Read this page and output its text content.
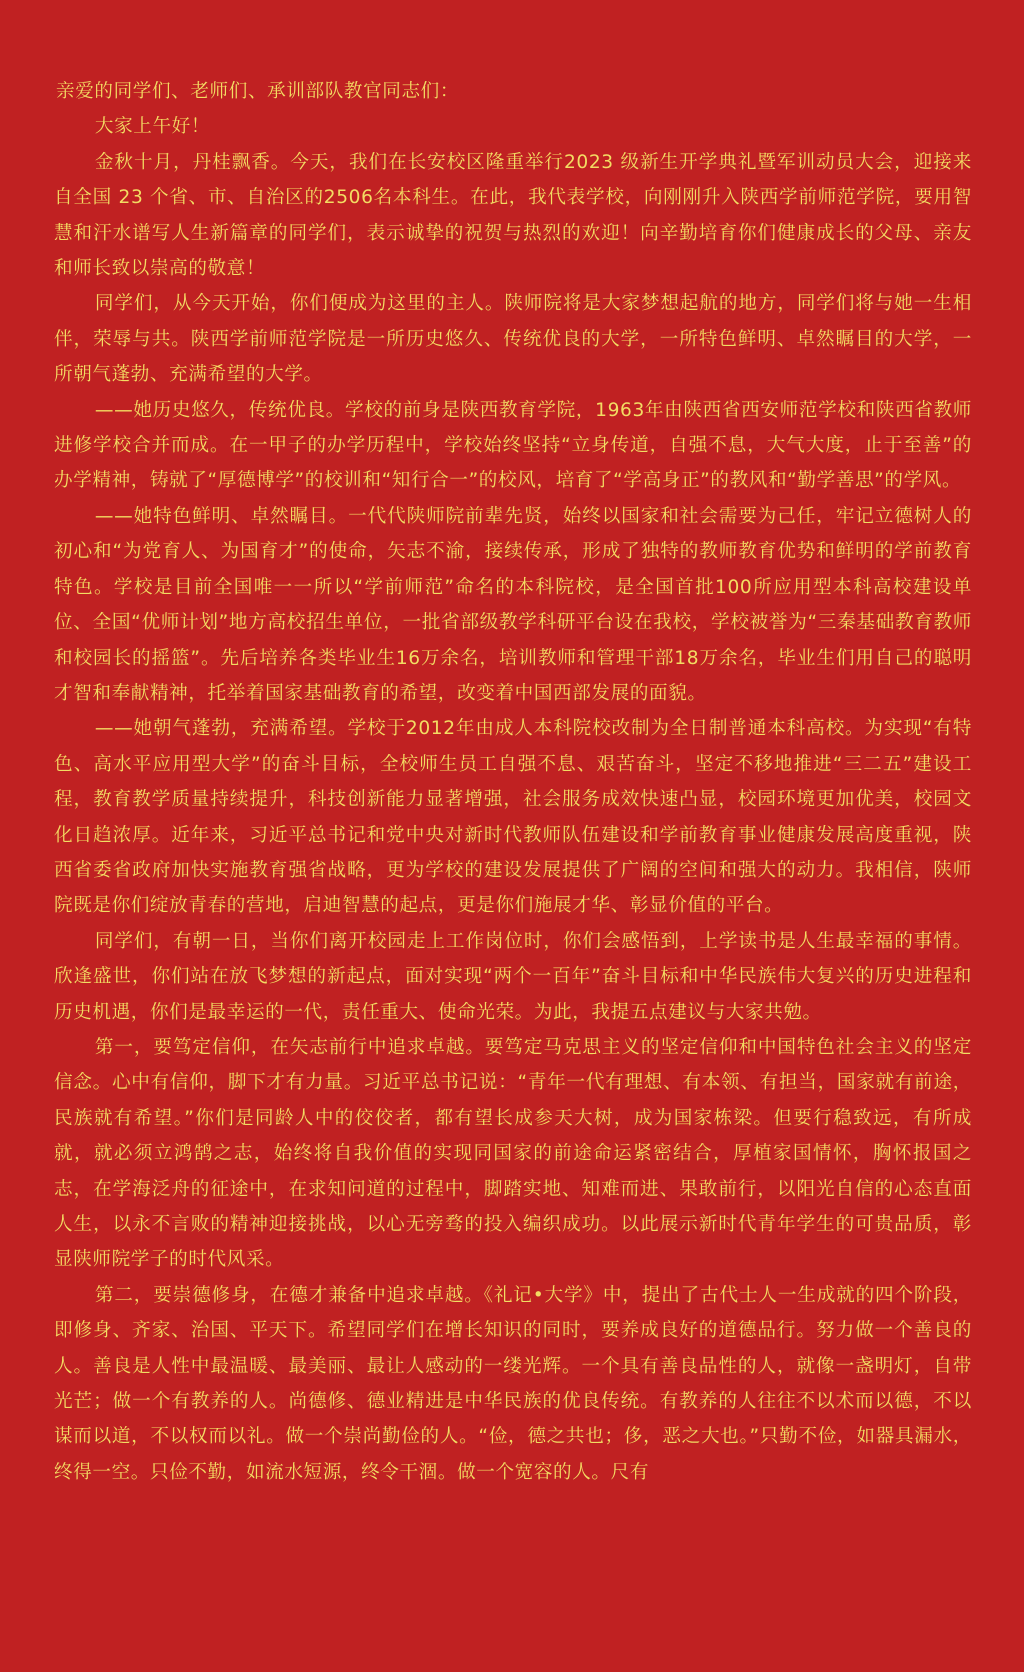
亲爱的同学们、老师们、承训部队教官同志们：

大家上午好！

金秋十月，丹桂飘香。今天，我们在长安校区隆重举行2023 级新生开学典礼暨军训动员大会，迎接来自全国 23 个省、市、自治区的2506名本科生。在此，我代表学校，向刚刚升入陕西学前师范学院，要用智慧和汗水谱写人生新篇章的同学们，表示诚挚的祝贺与热烈的欢迎！向辛勤培育你们健康成长的父母、亲友和师长致以崇高的敬意！

同学们，从今天开始，你们便成为这里的主人。陕师院将是大家梦想起航的地方，同学们将与她一生相伴，荣辱与共。陕西学前师范学院是一所历史悠久、传统优良的大学，一所特色鲜明、卓然瞩目的大学，一所朝气蓬勃、充满希望的大学。

——她历史悠久，传统优良。学校的前身是陕西教育学院，1963年由陕西省西安师范学校和陕西省教师进修学校合并而成。在一甲子的办学历程中，学校始终坚持“立身传道，自强不息，大气大度，止于至善”的办学精神，铸就了“厚德博学”的校训和“知行合一”的校风，培育了“学高身正”的教风和“勤学善思”的学风。

——她特色鲜明、卓然瞩目。一代代陕师院前辈先贤，始终以国家和社会需要为己任，牢记立德树人的初心和“为党育人、为国育才”的使命，矢志不渝，接续传承，形成了独特的教师教育优势和鲜明的学前教育特色。学校是目前全国唯一一所以“学前师范”命名的本科院校，是全国首批100所应用型本科高校建设单位、全国“优师计划”地方高校招生单位，一批省部级教学科研平台设在我校，学校被誉为“三秦基础教育教师和校园长的摇篮”。先后培养各类毕业生16万余名，培训教师和管理干部18万余名，毕业生们用自己的聪明才智和奉献精神，托举着国家基础教育的希望，改变着中国西部发展的面貌。

——她朝气蓬勃，充满希望。学校于2012年由成人本科院校改制为全日制普通本科高校。为实现“有特色、高水平应用型大学”的奋斗目标，全校师生员工自强不息、艰苦奋斗，坚定不移地推进“三二五”建设工程，教育教学质量持续提升，科技创新能力显著增强，社会服务成效快速凸显，校园环境更加优美，校园文化日趋浓厚。近年来，习近平总书记和党中央对新时代教师队伍建设和学前教育事业健康发展高度重视，陕西省委省政府加快实施教育强省战略，更为学校的建设发展提供了广阔的空间和强大的动力。我相信，陕师院既是你们绽放青春的营地，启迪智慧的起点，更是你们施展才华、彰显价值的平台。

同学们，有朝一日，当你们离开校园走上工作岗位时，你们会感悟到，上学读书是人生最幸福的事情。欣逢盛世，你们站在放飞梦想的新起点，面对实现“两个一百年”奋斗目标和中华民族伟大复兴的历史进程和历史机遇，你们是最幸运的一代，责任重大、使命光荣。为此，我提五点建议与大家共勉。

第一，要笃定信仰，在矢志前行中追求卓越。要笃定马克思主义的坚定信仰和中国特色社会主义的坚定信念。心中有信仰，脚下才有力量。习近平总书记说：“青年一代有理想、有本领、有担当，国家就有前途，民族就有希望。”你们是同龄人中的佼佼者，都有望长成参天大树，成为国家栋梁。但要行稳致远，有所成就，就必须立鸿鹄之志，始终将自我价值的实现同国家的前途命运紧密结合，厚植家国情怀，胸怀报国之志，在学海泛舟的征途中，在求知问道的过程中，脚踏实地、知难而进、果敢前行，以阳光自信的心态直面人生，以永不言败的精神迎接挑战，以心无旁骛的投入编织成功。以此展示新时代青年学生的可贵品质，彰显陕师院学子的时代风采。

第二，要崇德修身，在德才兼备中追求卓越。《礼记•大学》中，提出了古代士人一生成就的四个阶段，即修身、齐家、治国、平天下。希望同学们在增长知识的同时，要养成良好的道德品行。努力做一个善良的人。善良是人性中最温暖、最美丽、最让人感动的一缕光辉。一个具有善良品性的人，就像一盏明灯，自带光芒；做一个有教养的人。尚德修、德业精进是中华民族的优良传统。有教养的人往往不以术而以德，不以谋而以道，不以权而以礼。做一个崇尚勤俭的人。“俭，德之共也；侈，恶之大也。”只勤不俭，如器具漏水，终得一空。只俭不勤，如流水短源，终令干涸。做一个宽容的人。尺有
